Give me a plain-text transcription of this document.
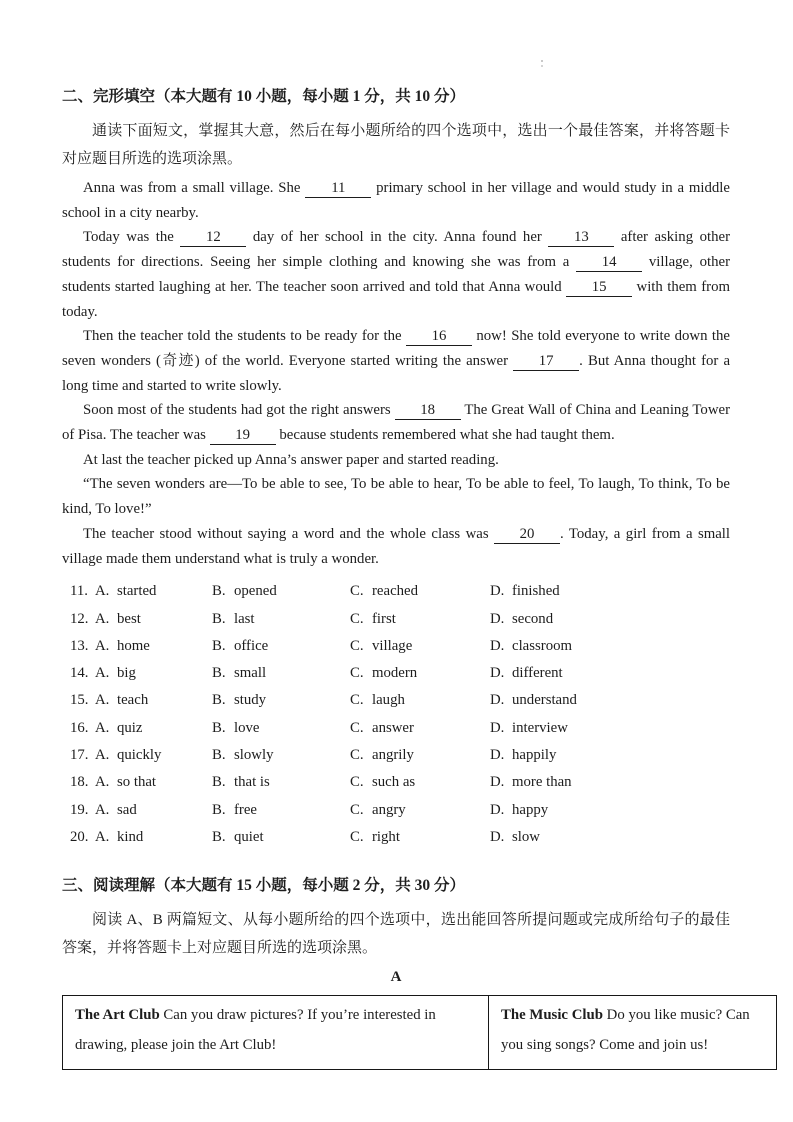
二、完形填空（本大题有 10 小题，每小题 1 分，共 10 分）

通读下面短文，掌握其大意，然后在每小题所给的四个选项中，选出一个最佳答案，并将答题卡对应题目所选的选项涂黑。

Anna was from a small village. She 11 primary school in her village and would study in a middle school in a city nearby.

Today was the 12 day of her school in the city. Anna found her 13 after asking other students for directions. Seeing her simple clothing and knowing she was from a 14 village, other students started laughing at her. The teacher soon arrived and told that Anna would 15 with them from today.

Then the teacher told the students to be ready for the 16 now! She told everyone to write down the seven wonders (奇迹) of the world. Everyone started writing the answer 17 . But Anna thought for a long time and started to write slowly.

Soon most of the students had got the right answers 18 The Great Wall of China and Leaning Tower of Pisa. The teacher was 19 because students remembered what she had taught them.

At last the teacher picked up Anna’s answer paper and started reading.

“The seven wonders are—To be able to see, To be able to hear, To be able to feel, To laugh, To think, To be kind, To love!”

The teacher stood without saying a word and the whole class was 20 . Today, a girl from a small village made them understand what is truly a wonder.

11. A. started	B. opened	C. reached	D. finished
12. A. best	B. last	C. first	D. second
13. A. home	B. office	C. village	D. classroom
14. A. big	B. small	C. modern	D. different
15. A. teach	B. study	C. laugh	D. understand
16. A. quiz	B. love	C. answer	D. interview
17. A. quickly	B. slowly	C. angrily	D. happily
18. A. so that	B. that is	C. such as	D. more than
19. A. sad	B. free	C. angry	D. happy
20. A. kind	B. quiet	C. right	D. slow
三、阅读理解（本大题有 15 小题，每小题 2 分，共 30 分）

阅读 A、B 两篇短文、从每小题所给的四个选项中，选出能回答所提问题或完成所给句子的最佳答案，并将答题卡上对应题目所选的选项涂黑。

A
The Art Club Can you draw pictures? If you’re interested in drawing, please join the Art Club!	The Music Club Do you like music? Can you sing songs? Come and join us!
